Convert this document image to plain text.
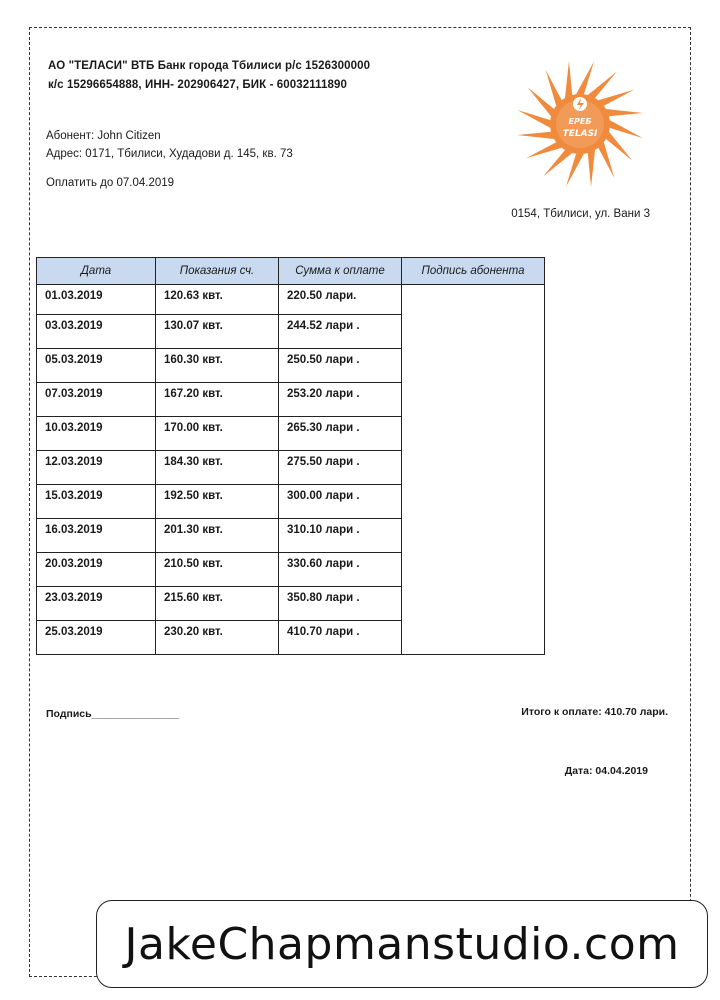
АО "ТЕЛАСИ" ВТБ Банк города Тбилиси р/с 1526300000
к/с 15296654888, ИНН- 202906427, БИК - 60032111890
Абонент: John Citizen
Адрес: 0171, Тбилиси, Худадови д. 145, кв. 73
Оплатить до 07.04.2019
0154, Тбилиси, ул. Вани 3
ЕРЕБ
TELASI
Дата	Показания сч.	Сумма к оплате	Подпись абонента
01.03.2019	120.63 квт.	220.50 лари.	
03.03.2019	130.07 квт.	244.52 лари .	
05.03.2019	160.30 квт.	250.50 лари .	
07.03.2019	167.20 квт.	253.20 лари .	
10.03.2019	170.00 квт.	265.30 лари .	
12.03.2019	184.30 квт.	275.50 лари .	
15.03.2019	192.50 квт.	300.00 лари .	
16.03.2019	201.30 квт.	310.10 лари .	
20.03.2019	210.50 квт.	330.60 лари .	
23.03.2019	215.60 квт.	350.80 лари .	
25.03.2019	230.20 квт.	410.70 лари .	
Подпись_______________	Итого к оплате: 410.70 лари.
Дата: 04.04.2019
JakeChapmanstudio.com
